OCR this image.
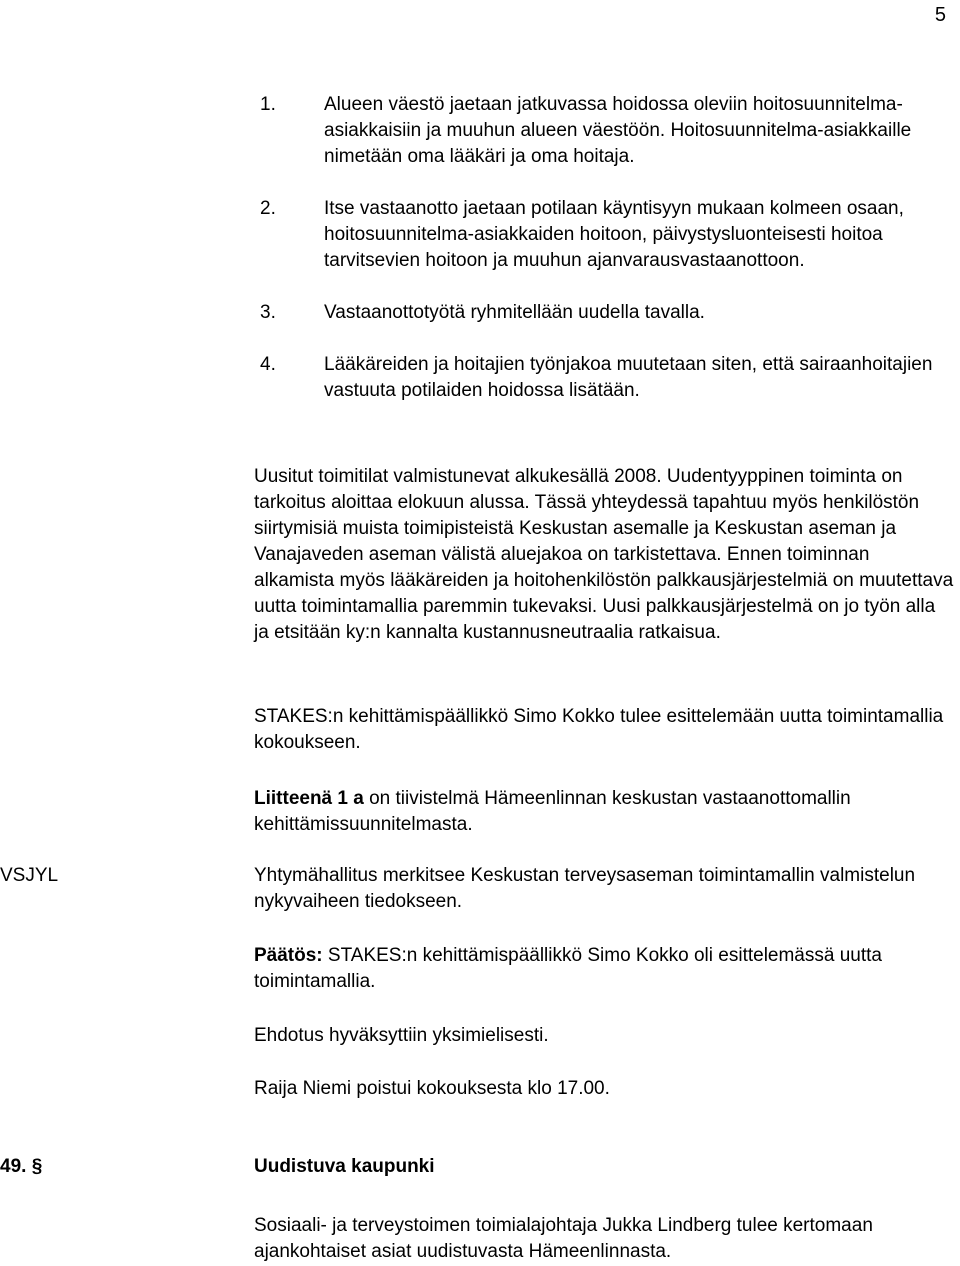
5
1.	Alueen väestö jaetaan jatkuvassa hoidossa oleviin hoitosuunnitelma-asiakkaisiin ja muuhun alueen väestöön. Hoitosuunnitelma-asiakkaille nimetään oma lääkäri ja oma hoitaja.
2.	Itse vastaanotto jaetaan potilaan käyntisyyn mukaan kolmeen osaan, hoitosuunnitelma-asiakkaiden hoitoon, päivystysluonteisesti hoitoa tarvitsevien hoitoon ja muuhun ajanvarausvastaanottoon.
3.	Vastaanottotyötä ryhmitellään uudella tavalla.
4.	Lääkäreiden ja hoitajien työnjakoa muutetaan siten, että sairaanhoitajien vastuuta potilaiden hoidossa lisätään.

Uusitut toimitilat valmistunevat alkukesällä 2008. Uudentyyppinen toiminta on tarkoitus aloittaa elokuun alussa. Tässä yhteydessä tapahtuu myös henkilöstön siirtymisiä muista toimipisteistä Keskustan asemalle ja Keskustan aseman ja Vanajaveden aseman välistä aluejakoa on tarkistettava. Ennen toiminnan alkamista myös lääkäreiden ja hoitohenkilöstön palkkausjärjestelmiä on muutettava uutta toimintamallia paremmin tukevaksi. Uusi palkkausjärjestelmä on jo työn alla ja etsitään ky:n kannalta kustannusneutraalia ratkaisua.

STAKES:n kehittämispäällikkö Simo Kokko tulee esittelemään uutta toimintamallia kokoukseen.

Liitteenä 1 a on tiivistelmä Hämeenlinnan keskustan vastaanottomallin kehittämissuunnitelmasta.

VSJYL	Yhtymähallitus merkitsee Keskustan terveysaseman toimintamallin valmistelun nykyvaiheen tiedokseen.

Päätös: STAKES:n kehittämispäällikkö Simo Kokko oli esittelemässä uutta toimintamallia.

Ehdotus hyväksyttiin yksimielisesti.

Raija Niemi poistui kokouksesta klo 17.00.

49. §	Uudistuva kaupunki

Sosiaali- ja terveystoimen toimialajohtaja Jukka Lindberg tulee kertomaan ajankohtaiset asiat uudistuvasta Hämeenlinnasta.
